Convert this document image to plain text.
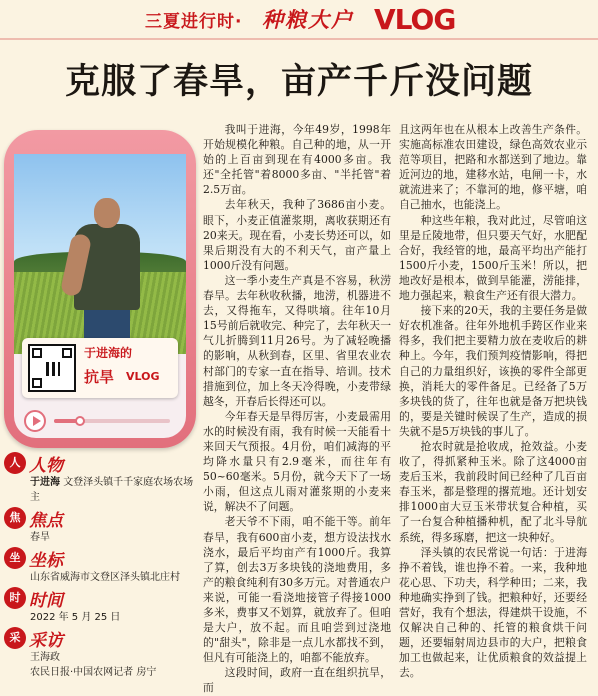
三夏进行时· 种粮大户 VLOG
克服了春旱，亩产千斤没问题
于进海的
抗旱 VLOG
人 人物
于进海 文登泽头镇千千家庭农场农场主
焦 焦点
春旱
坐 坐标
山东省威海市文登区泽头镇北庄村
时 时间
2022 年 5 月 25 日
采 采访
王海政
农民日报·中国农网记者 房宁

我叫于进海，今年49岁，1998年开始规模化种粮。自己种的地，从一开始的上百亩到现在有4000多亩。我还"全托管"着8000多亩、"半托管"着2.5万亩。

去年秋天，我种了3686亩小麦。眼下，小麦正值灌浆期，离收获期还有20来天。现在看，小麦长势还可以，如果后期没有大的不利天气，亩产量上1000斤没有问题。

这一季小麦生产真是不容易，秋涝春旱。去年秋收秋播，地涝，机器进不去，又得拖车，又得哄墒。往年10月15号前后就收完、种完了，去年秋天一气儿折腾到11月26号。为了减轻晚播的影响，从秋到春，区里、省里农业农村部门的专家一直在指导、培训。技术措施到位，加上冬天冷得晚，小麦带绿越冬，开春后长得还可以。

今年春天是旱得厉害，小麦最需用水的时候没有雨，我有时候一天能看十来回天气预报。4月份，咱们减海的平均降水量只有2.9毫米，而往年有50~60毫米。5月份，就今天下了一场小雨，但这点儿雨对灌浆期的小麦来说，解决不了问题。

老天爷不下雨，咱不能干等。前年春旱，我有600亩小麦，想方设法找水浇水，最后平均亩产有1000斤。我算了算，创去3万多块钱的浇地费用，多产的粮食纯利有30多万元。对普通农户来说，可能一看浇地接管子得接1000多米，费事又不划算，就放弃了。但咱是大户，放不起。而且咱尝到过浇地的"甜头"，除非是一点儿水都找不到，但凡有可能浇上的，咱都不能放弃。

这段时间，政府一直在组织抗旱，而

且这两年也在从根本上改善生产条件。实施高标准农田建设，绿色高效农业示范等项目，把路和水都送到了地边。靠近河边的地，建移水站，电闸一卡，水就流进来了；不靠河的地，修平塘，咱自己抽水，也能浇上。

种这些年粮，我对此过，尽管咱这里是丘陵地带，但只要天气好，水肥配合好，我经管的地，最高平均出产能打1500斤小麦，1500斤玉米！所以，把地改好是根本，做到旱能灌，涝能排，地力强起来，粮食生产还有很大潜力。

接下来的20天，我的主要任务是做好农机准备。往年外地机手跨区作业来得多，我们把主要精力放在麦收后的耕种上。今年，我们预判疫情影响，得把自己的力量组织好，该换的零件全部更换，消耗大的零件备足。已经备了5万多块钱的货了，往年也就是备万把块钱的，要是关键时候误了生产，造成的损失就不是5万块钱的事儿了。

抢农时就是抢收成，抢效益。小麦收了，得抓紧种玉米。除了这4000亩麦后玉米，我前段时间已经种了几百亩春玉米，都是整理的撂荒地。还计划安排1000亩大豆玉米带状复合种植，买了一台复合种植播种机，配了北斗导航系统，得多琢磨，把这一块种好。

泽头镇的农民常说一句话：于进海挣不着钱，谁也挣不着。一来，我种地花心思、下功夫，科学种田；二来，我种地确实挣到了钱。把粮种好，还要经营好，我有个想法，得建烘干设施，不仅解决自己种的、托管的粮食烘干问题，还要辐射周边县市的大户，把粮食加工也做起来，让优质粮食的效益提上去。
